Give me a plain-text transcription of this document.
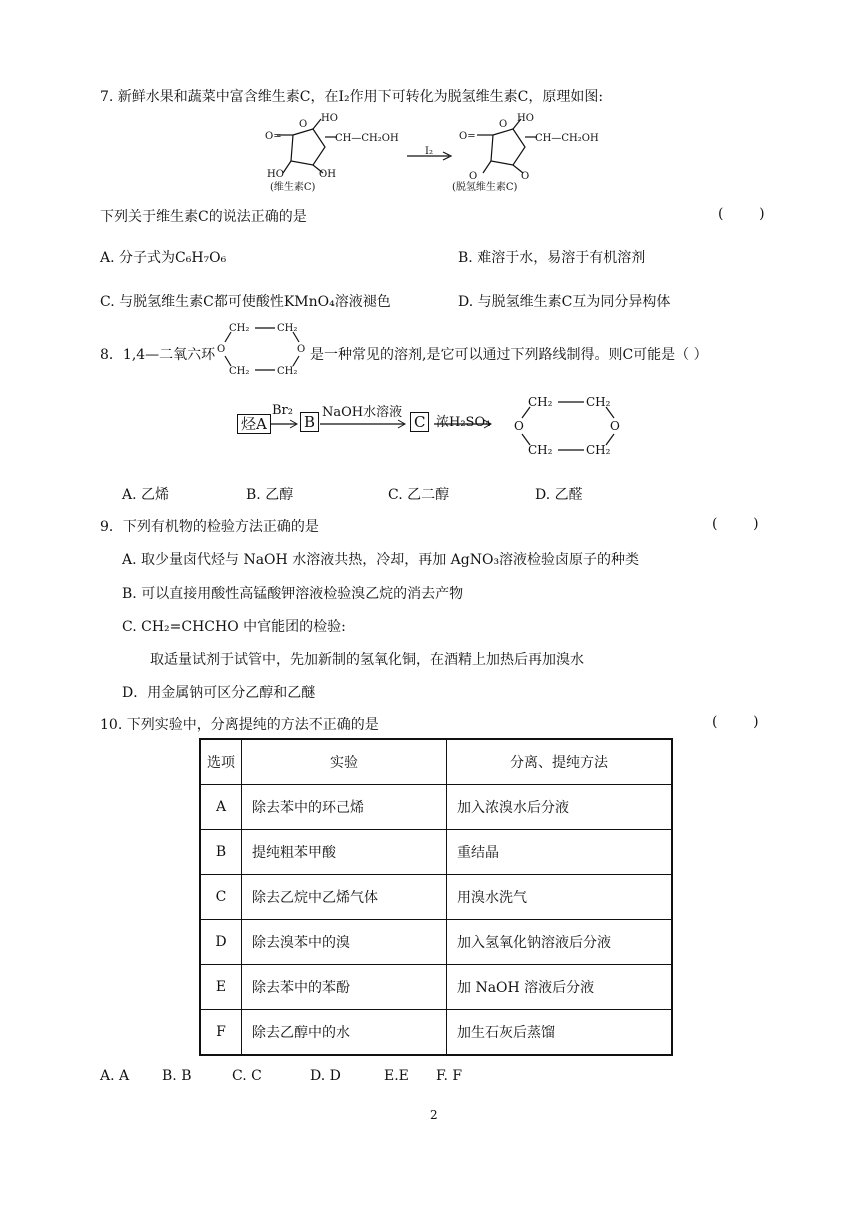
7. 新鲜水果和蔬菜中富含维生素C，在I₂作用下可转化为脱氢维生素C，原理如图:
O=
O
HO
CH—CH₂OH
HO	OH
(维生素C)
I₂
O=
O
HO
CH—CH₂OH
O	O
(脱氢维生素C)
下列关于维生素C的说法正确的是	(        )
A. 分子式为C₆H₇O₆	B. 难溶于水，易溶于有机溶剂
C. 与脱氢维生素C都可使酸性KMnO₄溶液褪色	D. 与脱氢维生素C互为同分异构体
8．1,4—二氧六环
CH₂	CH₂
O	O
CH₂	CH₂
是一种常见的溶剂,是它可以通过下列路线制得。则C可能是（ ）
烃A
Br₂
B
NaOH水溶液
C 浓H₂SO₄
CH₂	CH₂
O	O
CH₂	CH₂
A. 乙烯	B. 乙醇	C. 乙二醇	D. 乙醛
9．下列有机物的检验方法正确的是	(        )
A. 取少量卤代烃与 NaOH 水溶液共热，冷却，再加 AgNO₃溶液检验卤原子的种类
B. 可以直接用酸性高锰酸钾溶液检验溴乙烷的消去产物
C. CH₂=CHCHO 中官能团的检验:
取适量试剂于试管中，先加新制的氢氧化铜，在酒精上加热后再加溴水
D．用金属钠可区分乙醇和乙醚
10. 下列实验中，分离提纯的方法不正确的是	(        )
选项	实验	分离、提纯方法
A	除去苯中的环己烯	加入浓溴水后分液
B	提纯粗苯甲酸	重结晶
C	除去乙烷中乙烯气体	用溴水洗气
D	除去溴苯中的溴	加入氢氧化钠溶液后分液
E	除去苯中的苯酚	加 NaOH 溶液后分液
F	除去乙醇中的水	加生石灰后蒸馏
A. A B. B	C. C	D. D	E.E F. F
2
